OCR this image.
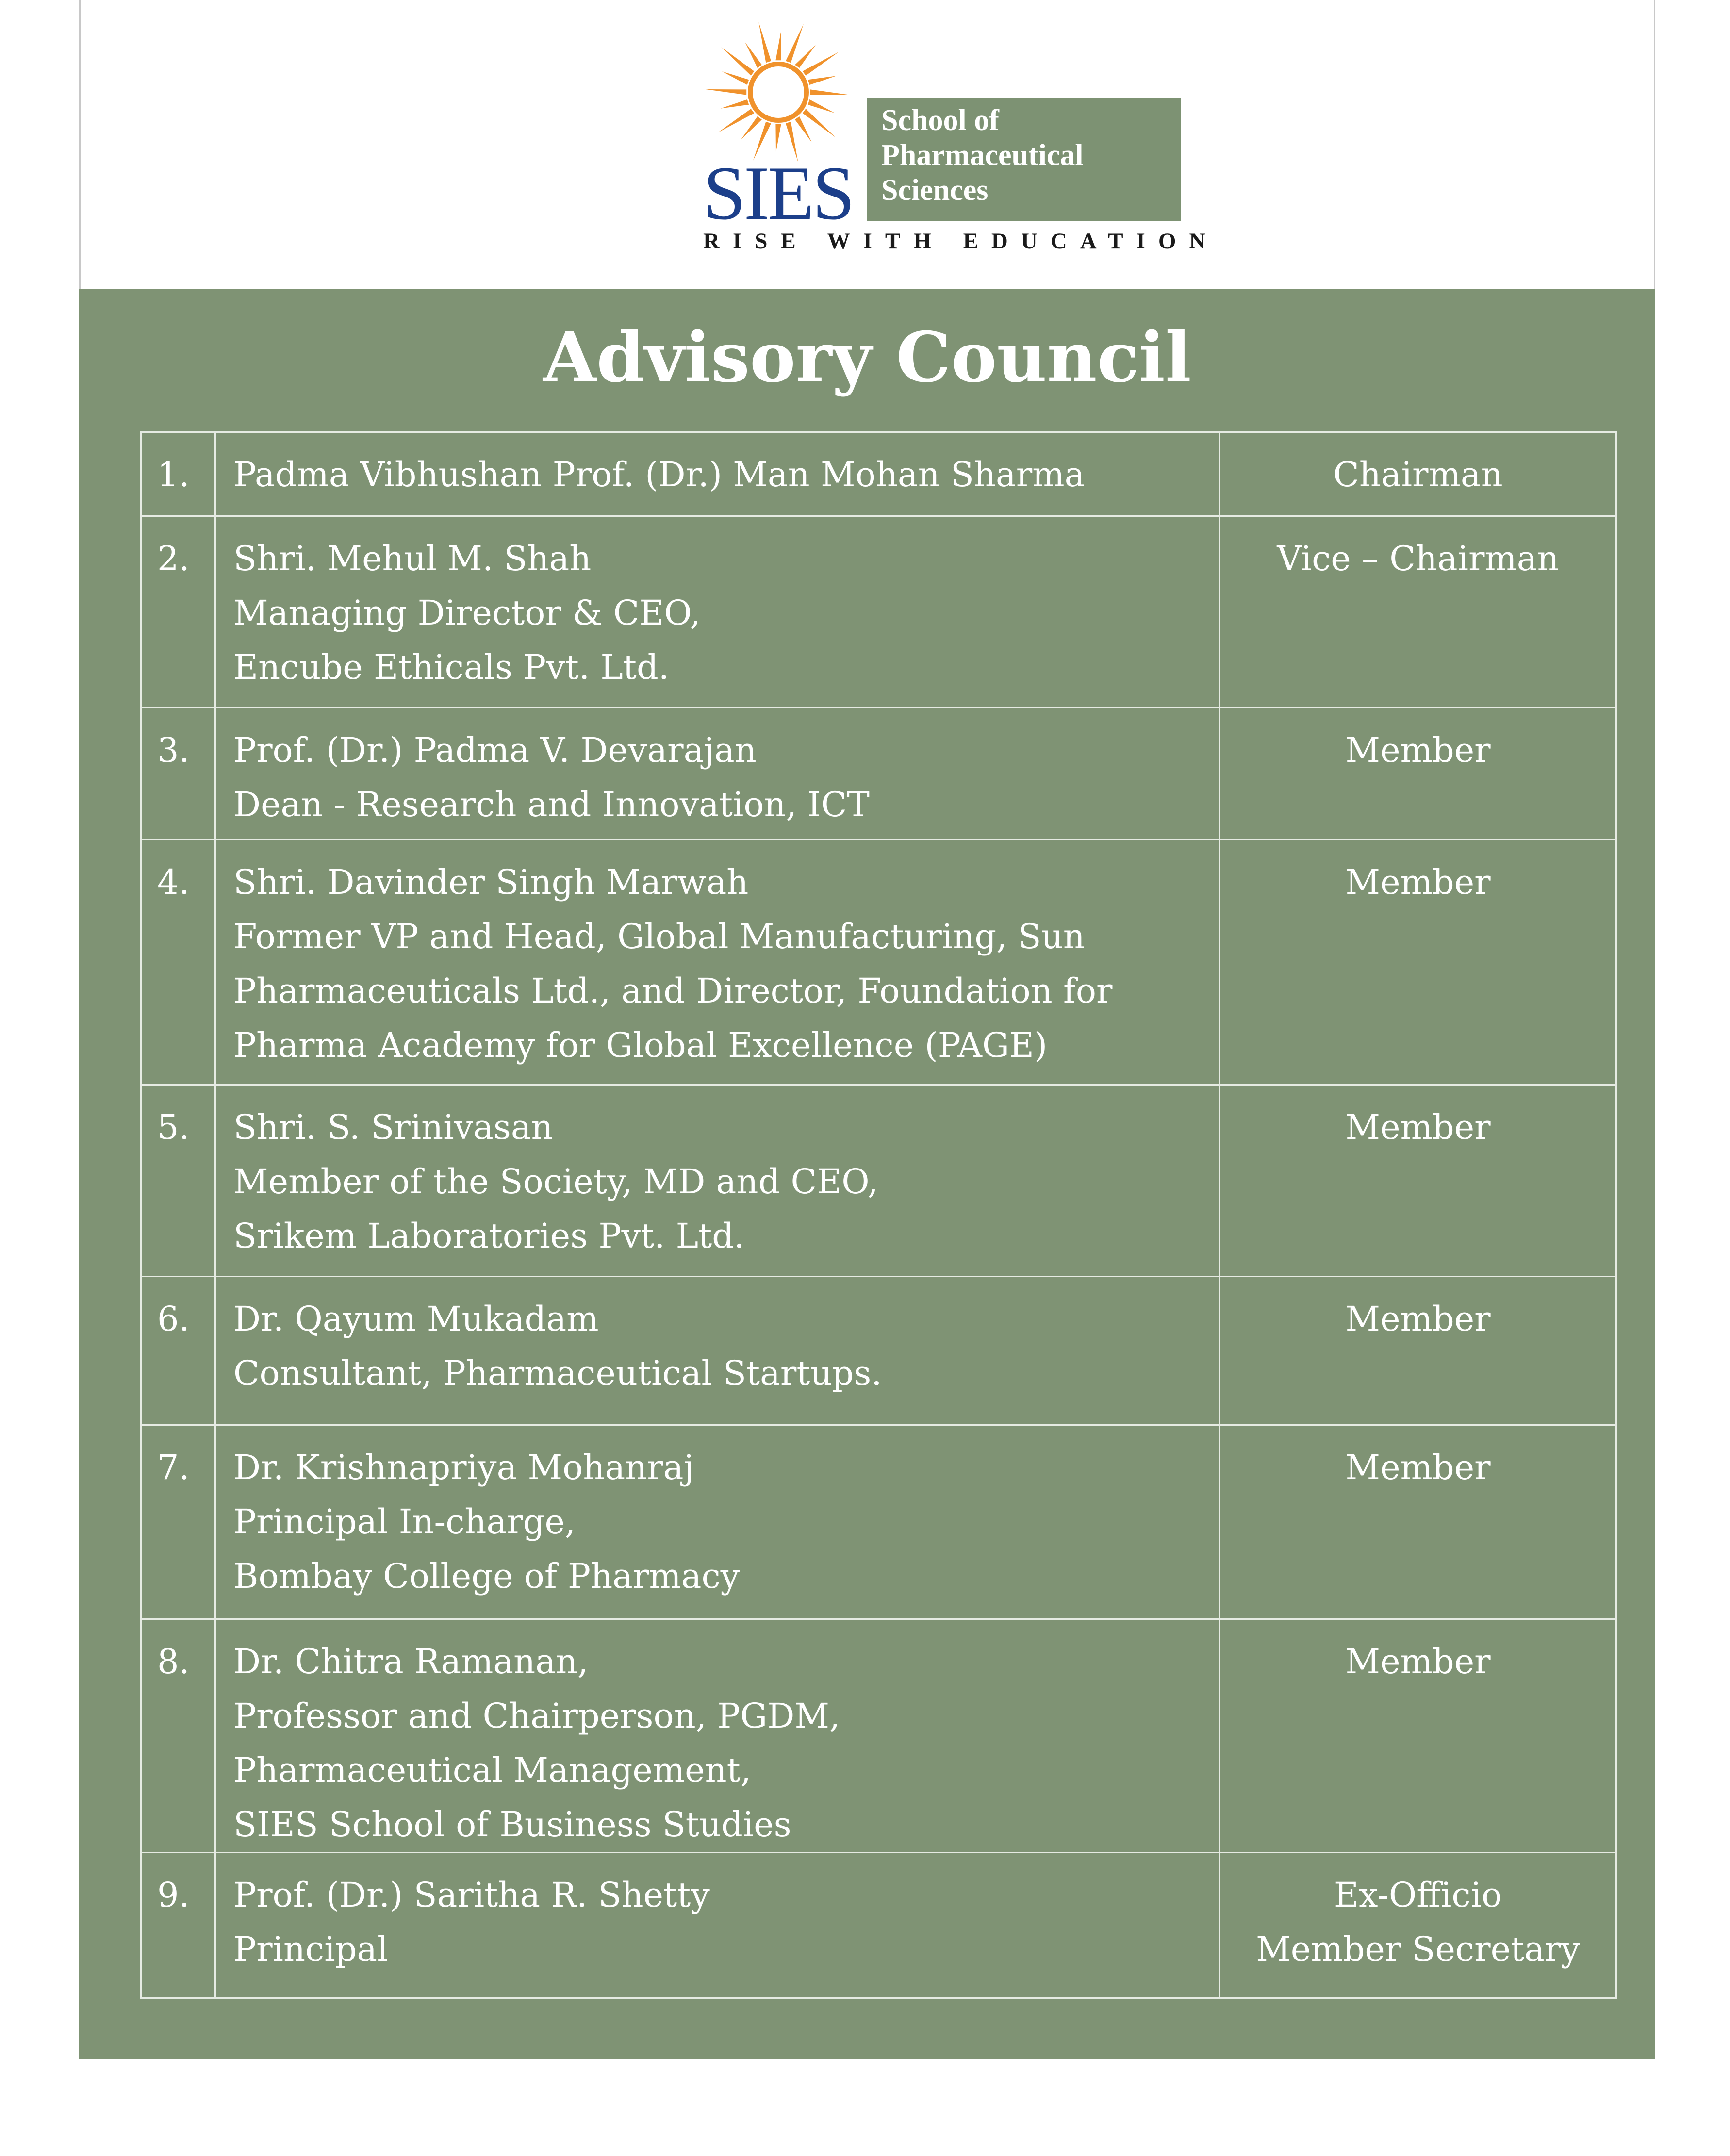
SIES
School of
Pharmaceutical
Sciences
RISE WITH EDUCATION
Advisory Council
1.	Padma Vibhushan Prof. (Dr.) Man Mohan Sharma	Chairman

2.	Shri. Mehul M. Shah
Managing Director & CEO,
Encube Ethicals Pvt. Ltd.	Vice – Chairman

3.	Prof. (Dr.) Padma V. Devarajan
Dean - Research and Innovation, ICT	Member

4.	Shri. Davinder Singh Marwah
Former VP and Head, Global Manufacturing, Sun
Pharmaceuticals Ltd., and Director, Foundation for
Pharma Academy for Global Excellence (PAGE)	Member

5.	Shri. S. Srinivasan
Member of the Society, MD and CEO,
Srikem Laboratories Pvt. Ltd.	Member

6.	Dr. Qayum Mukadam
Consultant, Pharmaceutical Startups.	Member

7.	Dr. Krishnapriya Mohanraj
Principal In-charge,
Bombay College of Pharmacy	Member

8.	Dr. Chitra Ramanan,
Professor and Chairperson, PGDM,
Pharmaceutical Management,
SIES School of Business Studies	Member

9.	Prof. (Dr.) Saritha R. Shetty
Principal	Ex-Officio
Member Secretary
